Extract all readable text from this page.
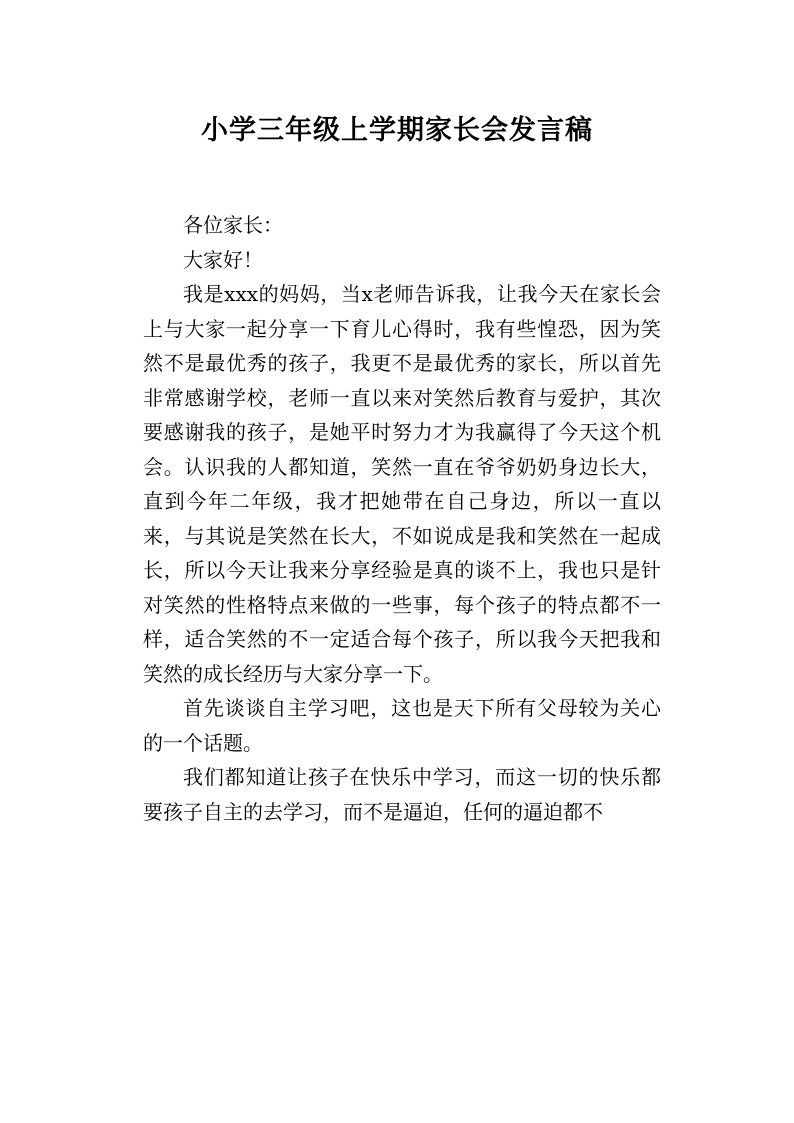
小学三年级上学期家长会发言稿

各位家长：

大家好！

我是xxx的妈妈，当x老师告诉我，让我今天在家长会上与大家一起分享一下育儿心得时，我有些惶恐，因为笑然不是最优秀的孩子，我更不是最优秀的家长，所以首先非常感谢学校，老师一直以来对笑然后教育与爱护，其次要感谢我的孩子，是她平时努力才为我赢得了今天这个机会。认识我的人都知道，笑然一直在爷爷奶奶身边长大，直到今年二年级，我才把她带在自己身边，所以一直以来，与其说是笑然在长大，不如说成是我和笑然在一起成长，所以今天让我来分享经验是真的谈不上，我也只是针对笑然的性格特点来做的一些事，每个孩子的特点都不一样，适合笑然的不一定适合每个孩子，所以我今天把我和笑然的成长经历与大家分享一下。

首先谈谈自主学习吧，这也是天下所有父母较为关心的一个话题。

我们都知道让孩子在快乐中学习，而这一切的快乐都要孩子自主的去学习，而不是逼迫，任何的逼迫都不
